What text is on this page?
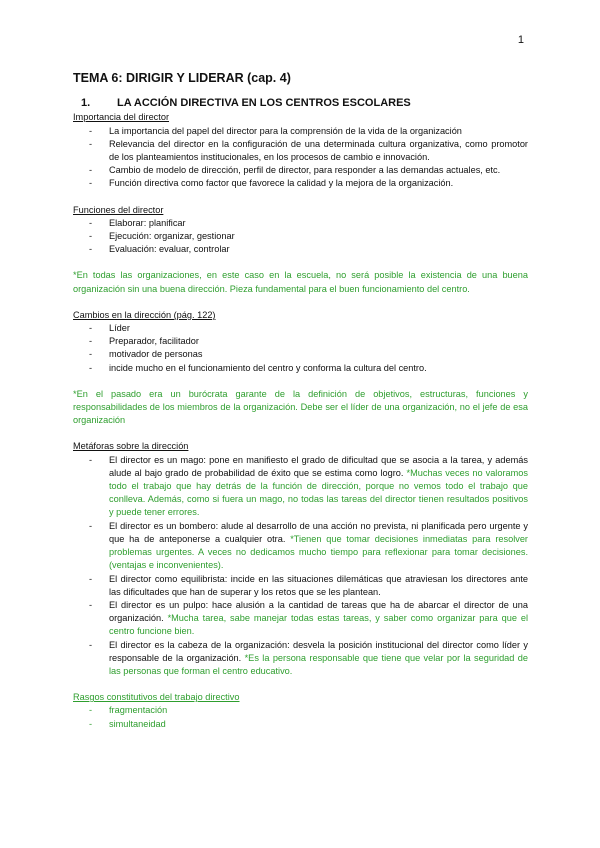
1

TEMA 6: DIRIGIR Y LIDERAR (cap. 4)

1.	LA ACCIÓN DIRECTIVA EN LOS CENTROS ESCOLARES

Importancia del director

- La importancia del papel del director para la comprensión de la vida de la organización
- Relevancia del director en la configuración de una determinada cultura organizativa, como promotor de los planteamientos institucionales, en los procesos de cambio e innovación.
- Cambio de modelo de dirección, perfil de director, para responder a las demandas actuales, etc.
- Función directiva como factor que favorece la calidad y la mejora de la organización.

Funciones del director

- Elaborar: planificar
- Ejecución: organizar, gestionar
- Evaluación: evaluar, controlar

*En todas las organizaciones, en este caso en la escuela, no será posible la existencia de una buena organización sin una buena dirección. Pieza fundamental para el buen funcionamiento del centro.

Cambios en la dirección (pág. 122)

- Líder
- Preparador, facilitador
- motivador de personas
- incide mucho en el funcionamiento del centro y conforma la cultura del centro.

*En el pasado era un burócrata garante de la definición de objetivos, estructuras, funciones y responsabilidades de los miembros de la organización. Debe ser el líder de una organización, no el jefe de esa organización

Metáforas sobre la dirección

- El director es un mago: pone en manifiesto el grado de dificultad que se asocia a la tarea, y además alude al bajo grado de probabilidad de éxito que se estima como logro. *Muchas veces no valoramos todo el trabajo que hay detrás de la función de dirección, porque no vemos todo el trabajo que conlleva. Además, como si fuera un mago, no todas las tareas del director tienen resultados positivos y puede tener errores.
- El director es un bombero: alude al desarrollo de una acción no prevista, ni planificada pero urgente y que ha de anteponerse a cualquier otra. *Tienen que tomar decisiones inmediatas para resolver problemas urgentes. A veces no dedicamos mucho tiempo para reflexionar para tomar decisiones. (ventajas e inconvenientes).
- El director como equilibrista: incide en las situaciones dilemáticas que atraviesan los directores ante las dificultades que han de superar y los retos que se les plantean.
- El director es un pulpo: hace alusión a la cantidad de tareas que ha de abarcar el director de una organización. *Mucha tarea, sabe manejar todas estas tareas, y saber como organizar para que el centro funcione bien.
- El director es la cabeza de la organización: desvela la posición institucional del director como líder y responsable de la organización. *Es la persona responsable que tiene que velar por la seguridad de las personas que forman el centro educativo.

Rasgos constitutivos del trabajo directivo

- fragmentación
- simultaneidad
